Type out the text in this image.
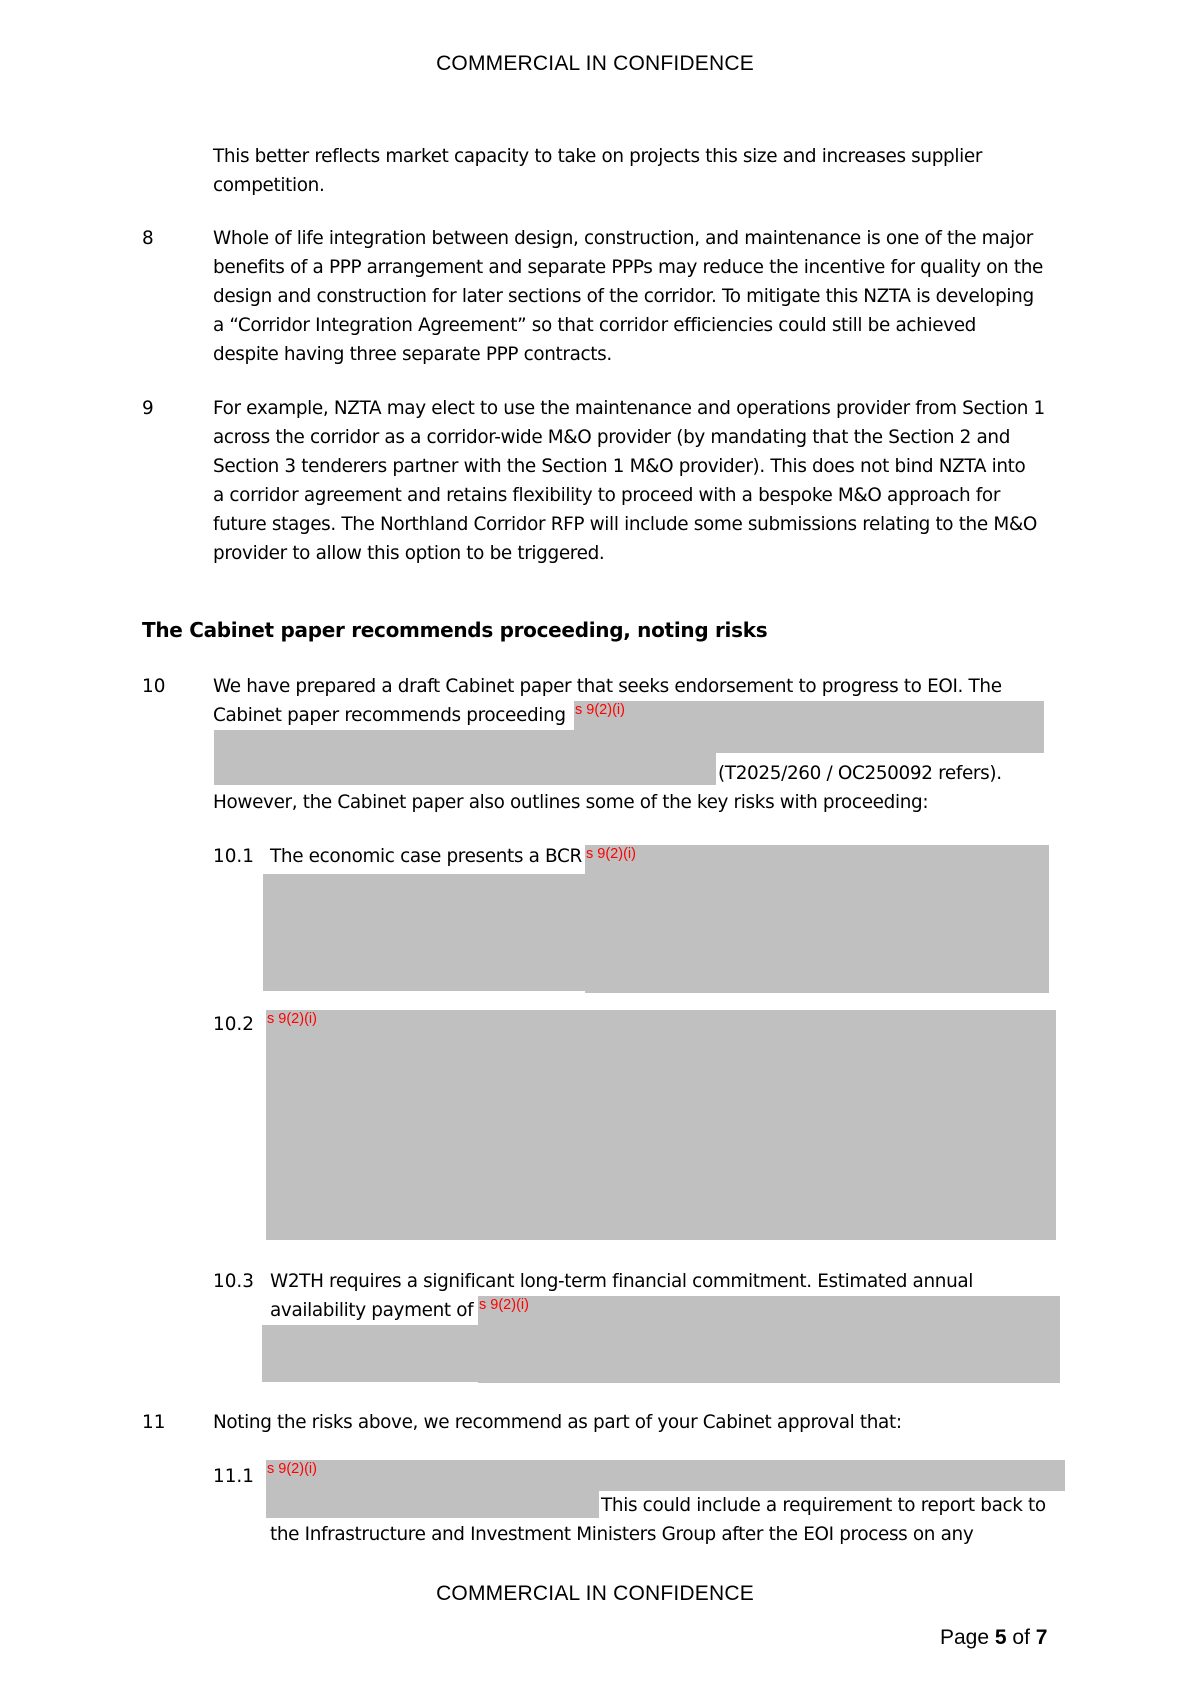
COMMERCIAL IN CONFIDENCE
This better reflects market capacity to take on projects this size and increases supplier
competition.
8	Whole of life integration between design, construction, and maintenance is one of the major
benefits of a PPP arrangement and separate PPPs may reduce the incentive for quality on the
design and construction for later sections of the corridor. To mitigate this NZTA is developing
a “Corridor Integration Agreement” so that corridor efficiencies could still be achieved
despite having three separate PPP contracts.
9	For example, NZTA may elect to use the maintenance and operations provider from Section 1
across the corridor as a corridor-wide M&O provider (by mandating that the Section 2 and
Section 3 tenderers partner with the Section 1 M&O provider). This does not bind NZTA into
a corridor agreement and retains flexibility to proceed with a bespoke M&O approach for
future stages. The Northland Corridor RFP will include some submissions relating to the M&O
provider to allow this option to be triggered.
The Cabinet paper recommends proceeding, noting risks
10	We have prepared a draft Cabinet paper that seeks endorsement to progress to EOI. The
Cabinet paper recommends proceeding s 9(2)(i)
(T2025/260 / OC250092 refers).
However, the Cabinet paper also outlines some of the key risks with proceeding:
10.1 The economic case presents a BCR s 9(2)(i)
10.2 s 9(2)(i)
10.3 W2TH requires a significant long-term financial commitment. Estimated annual
availability payment of s 9(2)(i)
11	Noting the risks above, we recommend as part of your Cabinet approval that:
11.1 s 9(2)(i)
This could include a requirement to report back to
the Infrastructure and Investment Ministers Group after the EOI process on any
COMMERCIAL IN CONFIDENCE
Page 5 of 7
